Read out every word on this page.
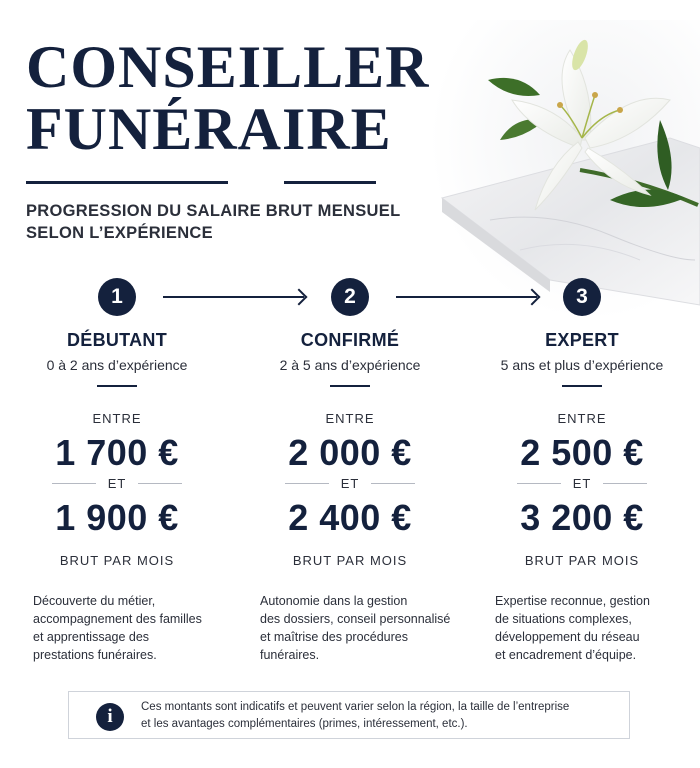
CONSEILLER
FUNÉRAIRE
PROGRESSION DU SALAIRE BRUT MENSUEL
SELON L’EXPÉRIENCE
1
DÉBUTANT
0 à 2 ans d’expérience
ENTRE
1 700 €
ET
1 900 €
BRUT PAR MOIS
2
CONFIRMÉ
2 à 5 ans d’expérience
ENTRE
2 000 €
ET
2 400 €
BRUT PAR MOIS
3
EXPERT
5 ans et plus d’expérience
ENTRE
2 500 €
ET
3 200 €
BRUT PAR MOIS
Découverte du métier,
accompagnement des familles
et apprentissage des
prestations funéraires.
Autonomie dans la gestion
des dossiers, conseil personnalisé
et maîtrise des procédures
funéraires.
Expertise reconnue, gestion
de situations complexes,
développement du réseau
et encadrement d’équipe.
i	Ces montants sont indicatifs et peuvent varier selon la région, la taille de l’entreprise
et les avantages complémentaires (primes, intéressement, etc.).
